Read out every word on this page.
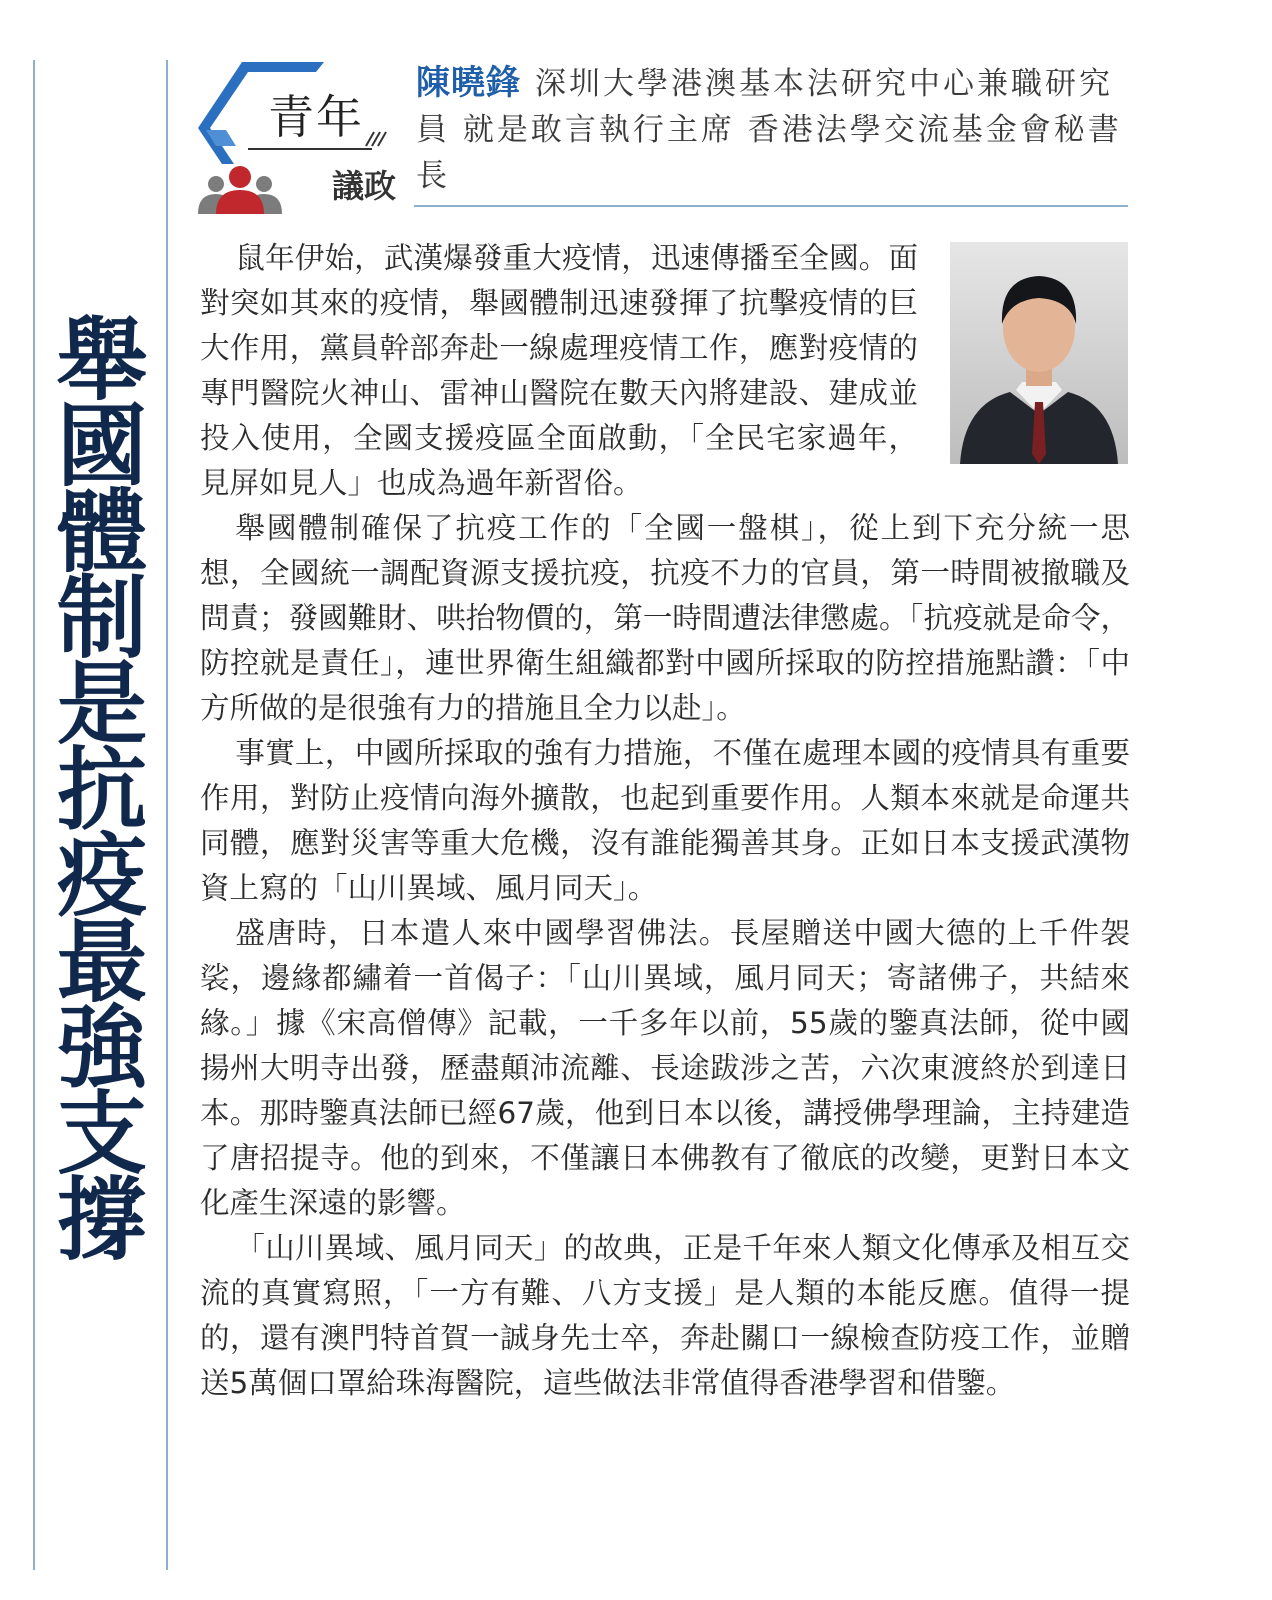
舉
國
體
制
是
抗
疫
最
強
支
撐
青年
議政
陳曉鋒 深圳大學港澳基本法研究中心兼職研究員 就是敢言執行主席 香港法學交流基金會秘書長

鼠年伊始，武漢爆發重大疫情，迅速傳播至全國。面對突如其來的疫情，舉國體制迅速發揮了抗擊疫情的巨大作用，黨員幹部奔赴一線處理疫情工作，應對疫情的專門醫院火神山、雷神山醫院在數天內將建設、建成並投入使用，全國支援疫區全面啟動，「全民宅家過年，見屏如見人」也成為過年新習俗。

舉國體制確保了抗疫工作的「全國一盤棋」，從上到下充分統一思想，全國統一調配資源支援抗疫，抗疫不力的官員，第一時間被撤職及問責；發國難財、哄抬物價的，第一時間遭法律懲處。「抗疫就是命令，防控就是責任」，連世界衛生組織都對中國所採取的防控措施點讚：「中方所做的是很強有力的措施且全力以赴」。

事實上，中國所採取的強有力措施，不僅在處理本國的疫情具有重要作用，對防止疫情向海外擴散，也起到重要作用。人類本來就是命運共同體，應對災害等重大危機，沒有誰能獨善其身。正如日本支援武漢物資上寫的「山川異域、風月同天」。

盛唐時，日本遣人來中國學習佛法。長屋贈送中國大德的上千件袈裟，邊緣都繡着一首偈子：「山川異域，風月同天；寄諸佛子，共結來緣。」據《宋高僧傳》記載，一千多年以前，55歲的鑒真法師，從中國揚州大明寺出發，歷盡顛沛流離、長途跋涉之苦，六次東渡終於到達日本。那時鑒真法師已經67歲，他到日本以後，講授佛學理論，主持建造了唐招提寺。他的到來，不僅讓日本佛教有了徹底的改變，更對日本文化產生深遠的影響。

「山川異域、風月同天」的故典，正是千年來人類文化傳承及相互交流的真實寫照，「一方有難、八方支援」是人類的本能反應。值得一提的，還有澳門特首賀一誠身先士卒，奔赴關口一線檢查防疫工作，並贈送5萬個口罩給珠海醫院，這些做法非常值得香港學習和借鑒。
